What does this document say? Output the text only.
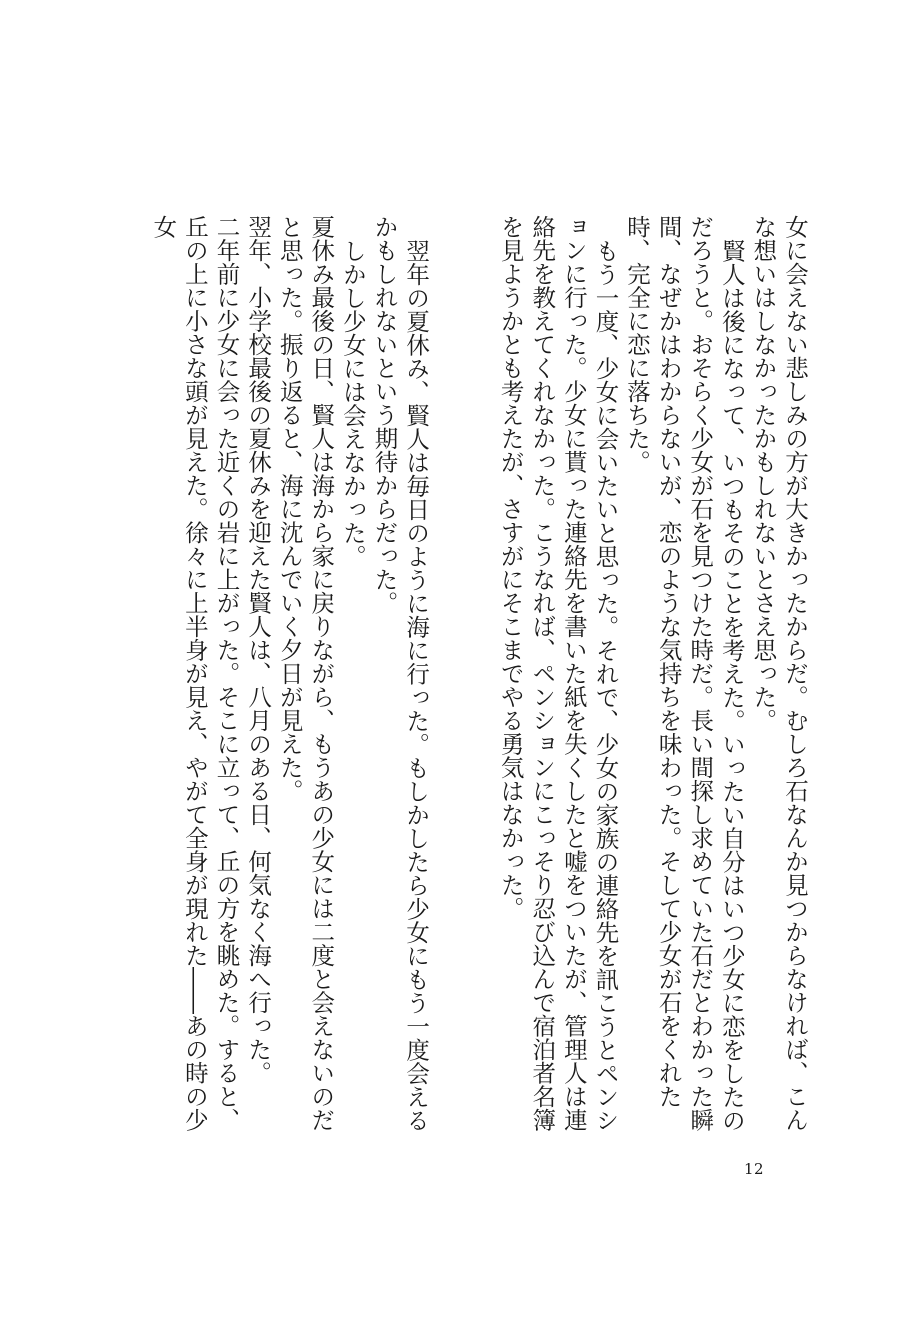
女に会えない悲しみの方が大きかったからだ。むしろ石なんか見つからなければ、こんな想いはしなかったかもしれないとさえ思った。
賢人は後になって、いつもそのことを考えた。いったい自分はいつ少女に恋をしたのだろうと。おそらく少女が石を見つけた時だ。長い間探し求めていた石だとわかった瞬間、なぜかはわからないが、恋のような気持ちを味わった。そして少女が石をくれた時、完全に恋に落ちた。
もう一度、少女に会いたいと思った。それで、少女の家族の連絡先を訊こうとペンションに行った。少女に貰った連絡先を書いた紙を失くしたと嘘をついたが、管理人は連絡先を教えてくれなかった。こうなれば、ペンションにこっそり忍び込んで宿泊者名簿を見ようかとも考えたが、さすがにそこまでやる勇気はなかった。
翌年の夏休み、賢人は毎日のように海に行った。もしかしたら少女にもう一度会えるかもしれないという期待からだった。
しかし少女には会えなかった。
夏休み最後の日、賢人は海から家に戻りながら、もうあの少女には二度と会えないのだと思った。振り返ると、海に沈んでいく夕日が見えた。
翌年、小学校最後の夏休みを迎えた賢人は、八月のある日、何気なく海へ行った。
二年前に少女に会った近くの岩に上がった。そこに立って、丘の方を眺めた。すると、丘の上に小さな頭が見えた。徐々に上半身が見え、やがて全身が現れた――あの時の少女
12
